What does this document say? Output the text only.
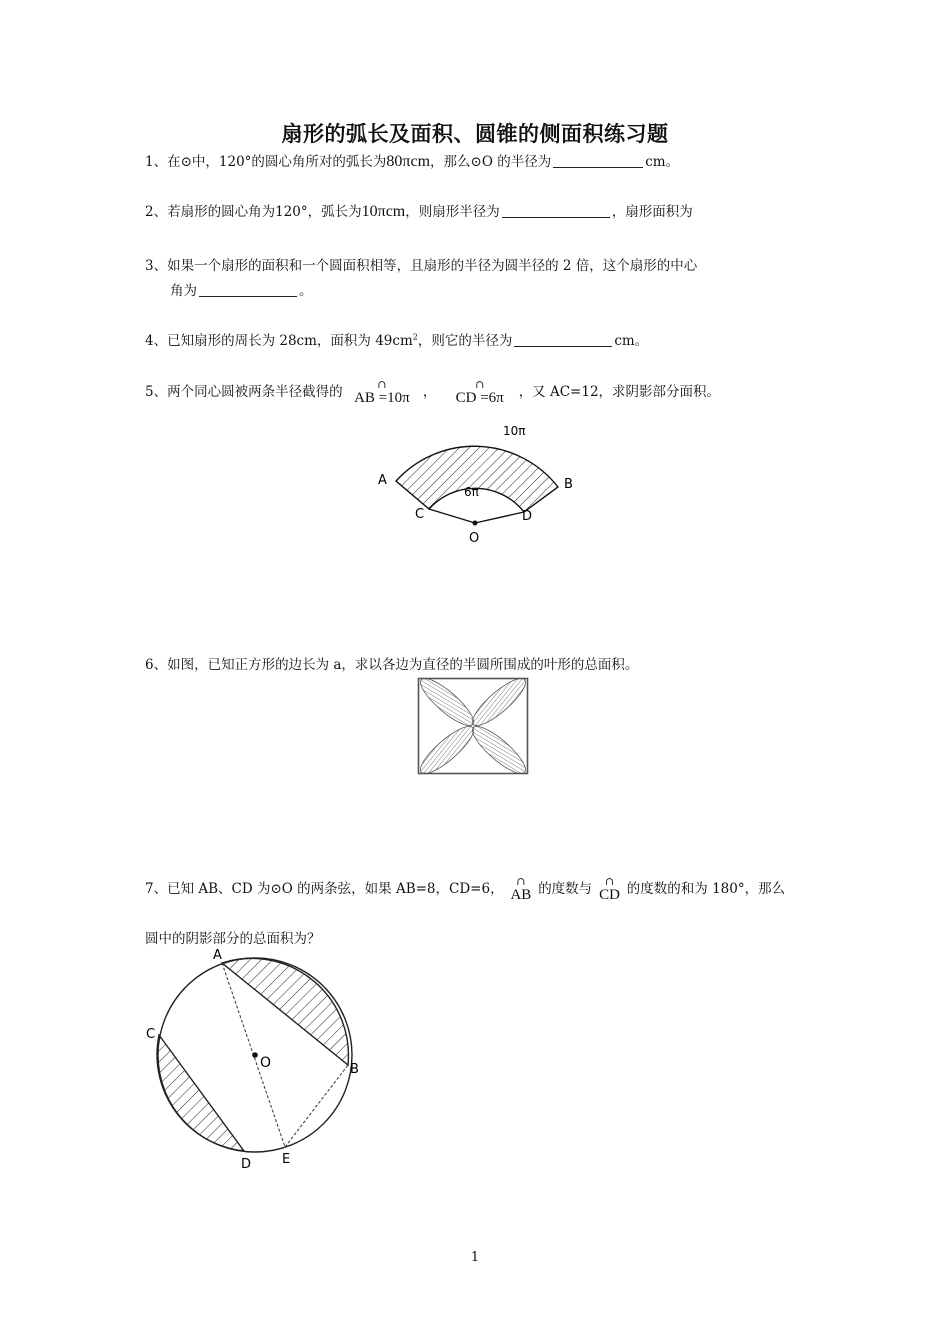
扇形的弧长及面积、圆锥的侧面积练习题
1、在⊙中，120°的圆心角所对的弧长为80πcm，那么⊙O 的半径为	cm。
2、若扇形的圆心角为120°，弧长为10πcm，则扇形半径为	，扇形面积为
3、如果一个扇形的面积和一个圆面积相等，且扇形的半径为圆半径的 2 倍，这个扇形的中心
角为	。
4、已知扇形的周长为 28cm，面积为 $49cm^2$，则它的半径为	cm。
5、两个同心圆被两条半径截得的	∩
AB =10π ，	∩
CD =6π	，又 AC=12，求阴影部分面积。
10π
6π
A	B
C	D
O
6、如图，已知正方形的边长为 a，求以各边为直径的半圆所围成的叶形的总面积。
7、已知 AB、CD 为⊙O 的两条弦，如果 AB=8，CD=6，	∩
AB 的度数与	∩
CD 的度数的和为 180°，那么
圆中的阴影部分的总面积为？
O
A
B
C
D E
1
